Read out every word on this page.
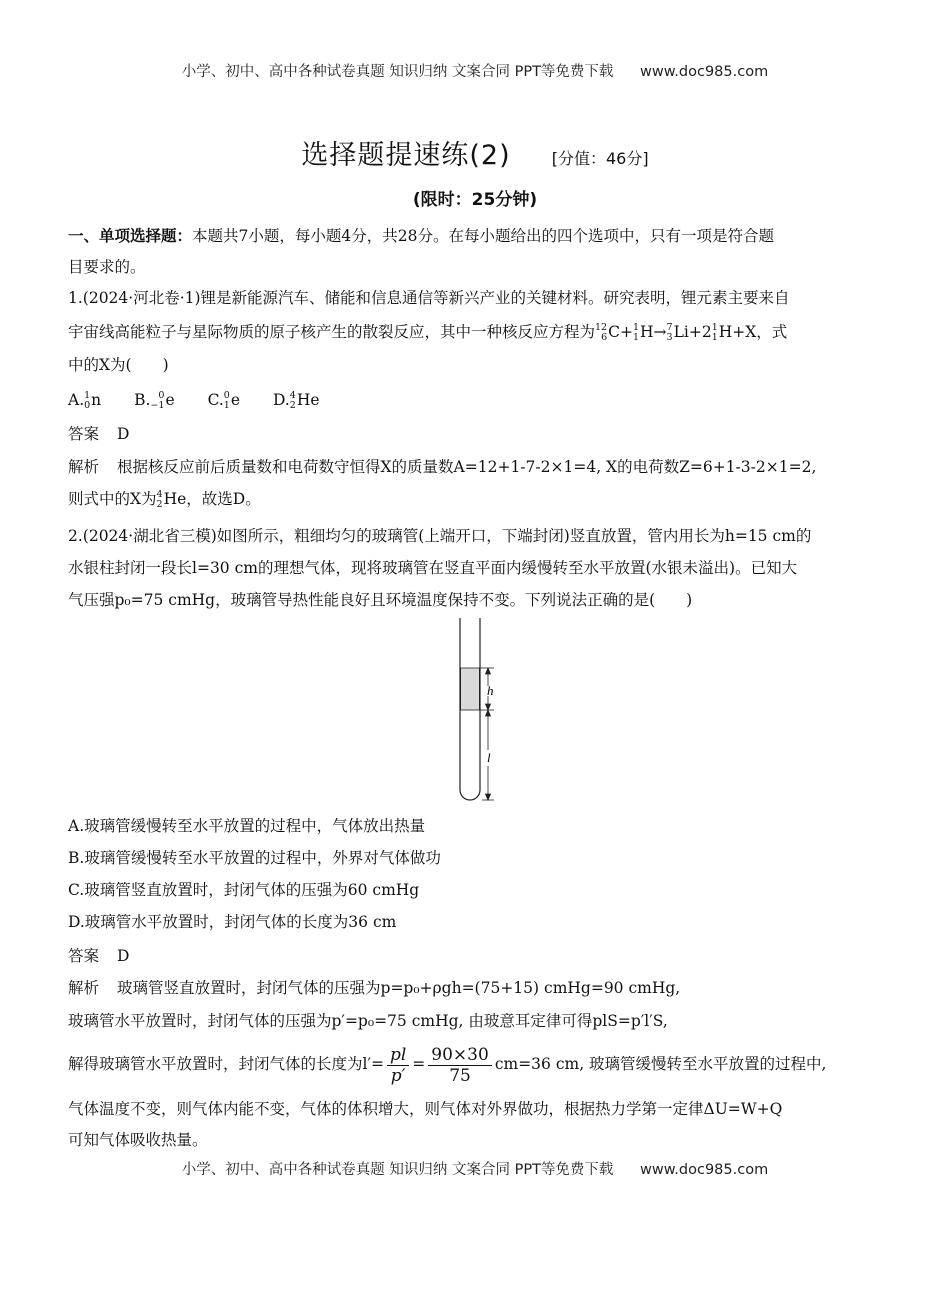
小学、初中、高中各种试卷真题 知识归纳 文案合同 PPT等免费下载 www.doc985.com
选择题提速练(2)	[分值：46分]
(限时：25分钟)
一、单项选择题：本题共7小题，每小题4分，共28分。在每小题给出的四个选项中，只有一项是符合题
目要求的。
1.(2024·河北卷·1)锂是新能源汽车、储能和信息通信等新兴产业的关键材料。研究表明，锂元素主要来自
宇宙线高能粒子与星际物质的原子核产生的散裂反应，其中一种核反应方程为 12
6 C+ 1
1 H→ 7
3 Li+2 1
1 H+X，式
中的X为(　　)
A. 1
0 n B. 0
−1 e C. 0
1 e D. 4
2 He
答案 D
解析 根据核反应前后质量数和电荷数守恒得X的质量数A=12+1-7-2×1=4, X的电荷数Z=6+1-3-2×1=2,
则式中的X为 4
2 He，故选D。
2.(2024·湖北省三模)如图所示，粗细均匀的玻璃管(上端开口，下端封闭)竖直放置，管内用长为h=15 cm的
水银柱封闭一段长l=30 cm的理想气体，现将玻璃管在竖直平面内缓慢转至水平放置(水银未溢出)。已知大
气压强p₀=75 cmHg，玻璃管导热性能良好且环境温度保持不变。下列说法正确的是(　　)
h
l
A.玻璃管缓慢转至水平放置的过程中，气体放出热量
B.玻璃管缓慢转至水平放置的过程中，外界对气体做功
C.玻璃管竖直放置时，封闭气体的压强为60 cmHg
D.玻璃管水平放置时，封闭气体的长度为36 cm
答案 D
解析 玻璃管竖直放置时，封闭气体的压强为p=p₀+ρgh=(75+15) cmHg=90 cmHg,
玻璃管水平放置时，封闭气体的压强为p′=p₀=75 cmHg, 由玻意耳定律可得plS=p′l′S,
解得玻璃管水平放置时，封闭气体的长度为$l'= \frac{pl}{p'} = \frac{90\times 30}{75} cm=36$ cm, 玻璃管缓慢转至水平放置的过程中,
气体温度不变，则气体内能不变，气体的体积增大，则气体对外界做功，根据热力学第一定律ΔU=W+Q
可知气体吸收热量。
小学、初中、高中各种试卷真题 知识归纳 文案合同 PPT等免费下载 www.doc985.com
